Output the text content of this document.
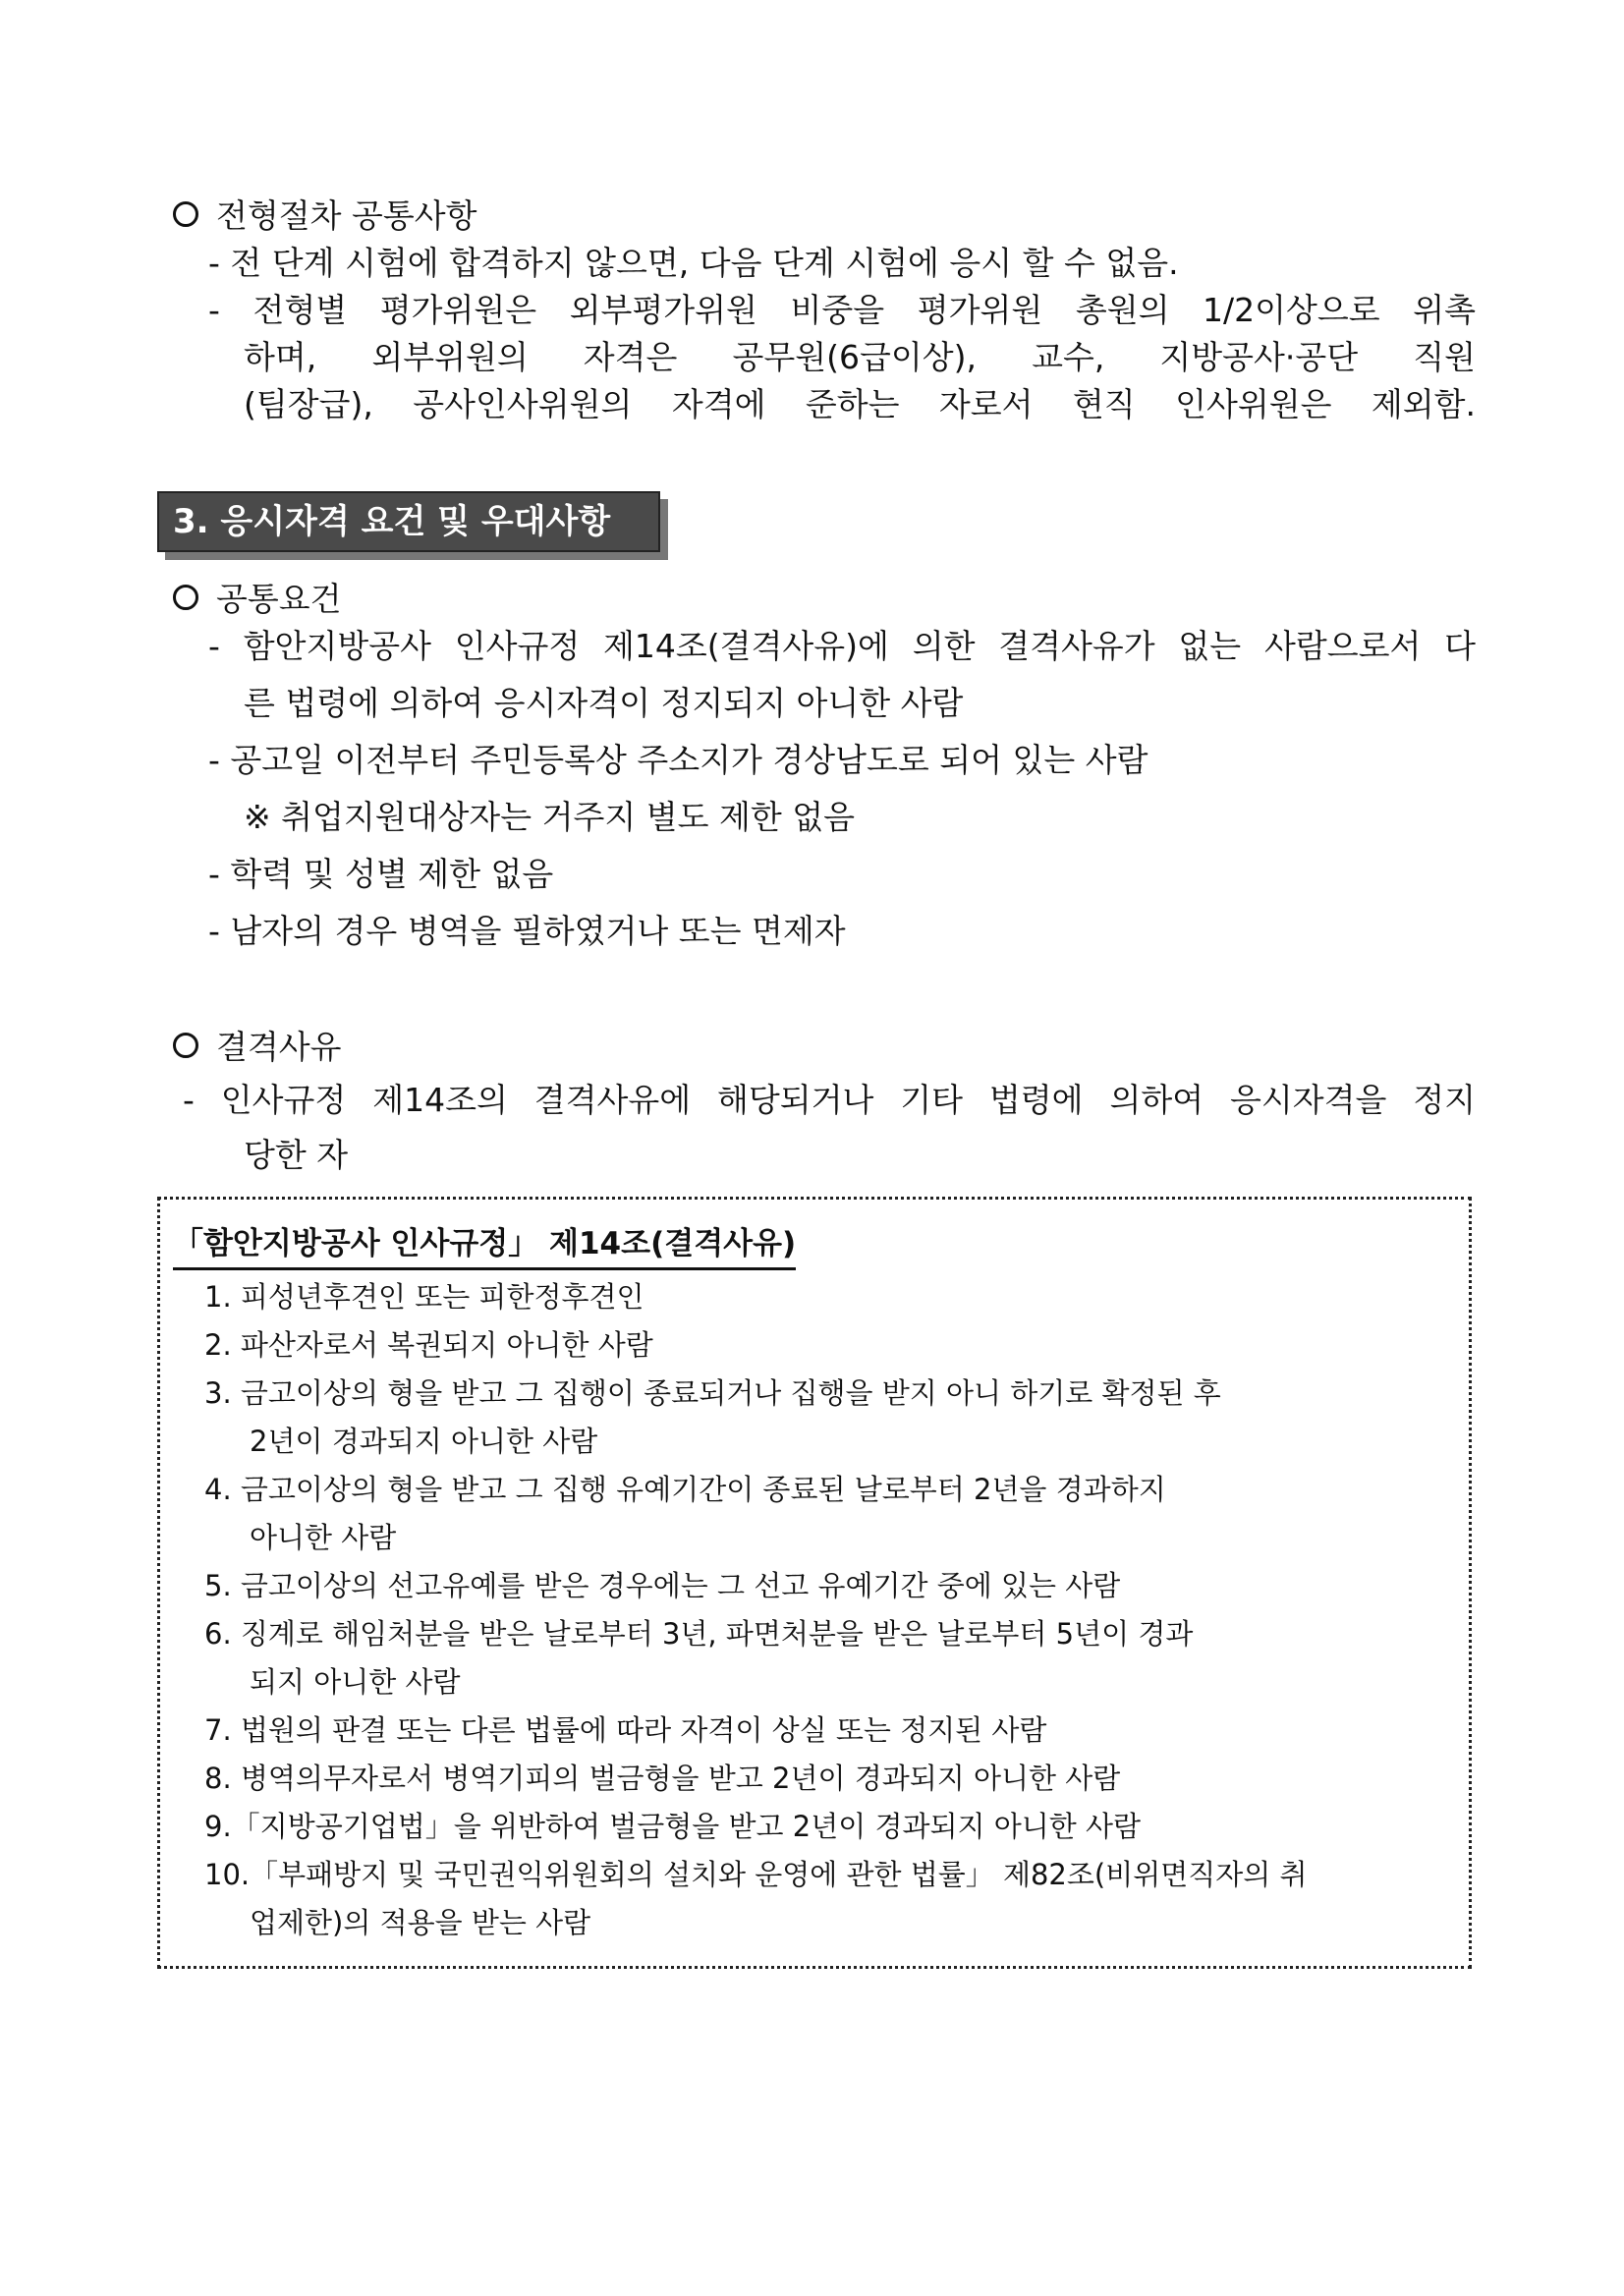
전형절차 공통사항
- 전 단계 시험에 합격하지 않으면, 다음 단계 시험에 응시 할 수 없음.
- 전형별 평가위원은 외부평가위원 비중을 평가위원 총원의 1/2이상으로 위촉
하며, 외부위원의 자격은 공무원(6급이상), 교수, 지방공사·공단 직원
(팀장급), 공사인사위원의 자격에 준하는 자로서 현직 인사위원은 제외함.
3. 응시자격 요건 및 우대사항
공통요건
- 함안지방공사 인사규정 제14조(결격사유)에 의한 결격사유가 없는 사람으로서 다
른 법령에 의하여 응시자격이 정지되지 아니한 사람
- 공고일 이전부터 주민등록상 주소지가 경상남도로 되어 있는 사람
※ 취업지원대상자는 거주지 별도 제한 없음
- 학력 및 성별 제한 없음
- 남자의 경우 병역을 필하였거나 또는 면제자
결격사유
- 인사규정 제14조의 결격사유에 해당되거나 기타 법령에 의하여 응시자격을 정지
당한 자
「함안지방공사 인사규정」 제14조(결격사유)
1. 피성년후견인 또는 피한정후견인
2. 파산자로서 복권되지 아니한 사람
3. 금고이상의 형을 받고 그 집행이 종료되거나 집행을 받지 아니 하기로 확정된 후
2년이 경과되지 아니한 사람
4. 금고이상의 형을 받고 그 집행 유예기간이 종료된 날로부터 2년을 경과하지
아니한 사람
5. 금고이상의 선고유예를 받은 경우에는 그 선고 유예기간 중에 있는 사람
6. 징계로 해임처분을 받은 날로부터 3년, 파면처분을 받은 날로부터 5년이 경과
되지 아니한 사람
7. 법원의 판결 또는 다른 법률에 따라 자격이 상실 또는 정지된 사람
8. 병역의무자로서 병역기피의 벌금형을 받고 2년이 경과되지 아니한 사람
9.「지방공기업법」을 위반하여 벌금형을 받고 2년이 경과되지 아니한 사람
10.「부패방지 및 국민권익위원회의 설치와 운영에 관한 법률」 제82조(비위면직자의 취
업제한)의 적용을 받는 사람
